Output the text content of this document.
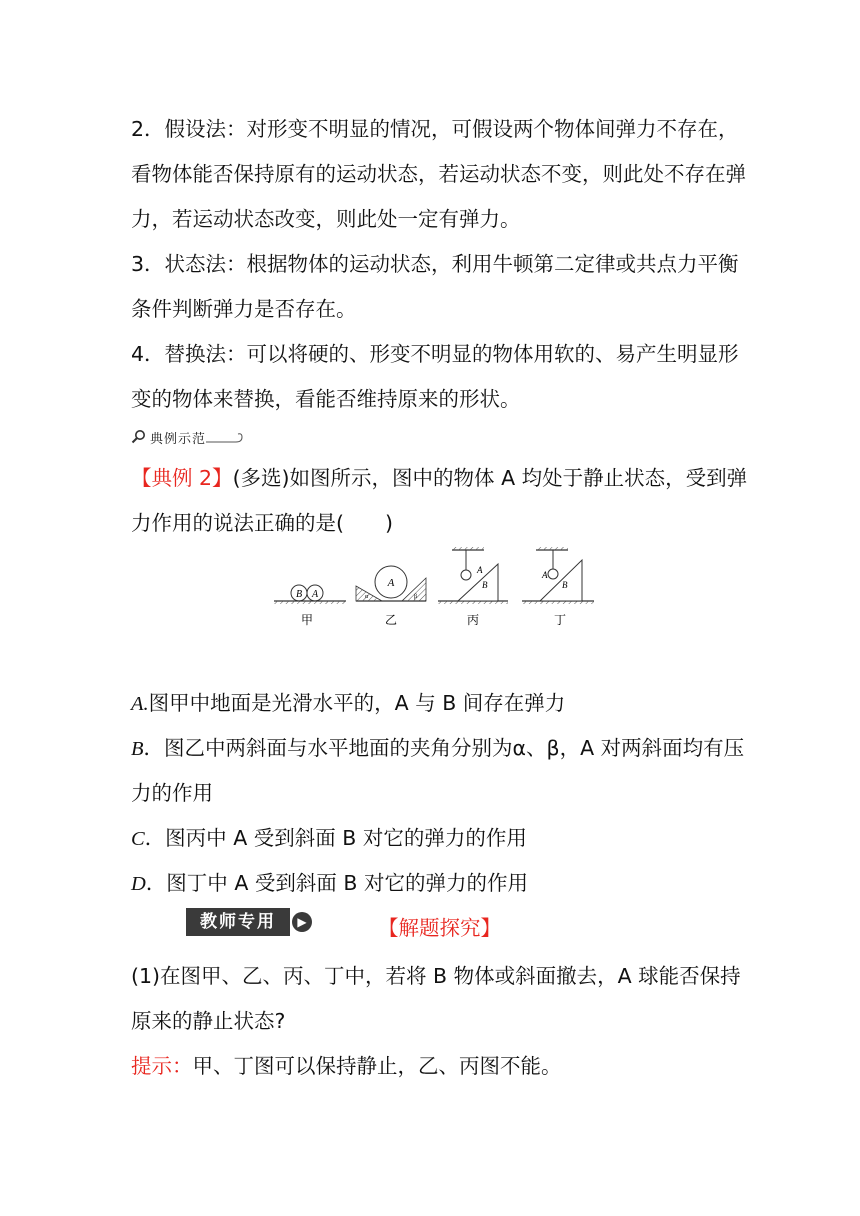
2．假设法：对形变不明显的情况，可假设两个物体间弹力不存在，
看物体能否保持原有的运动状态，若运动状态不变，则此处不存在弹
力，若运动状态改变，则此处一定有弹力。
3．状态法：根据物体的运动状态，利用牛顿第二定律或共点力平衡
条件判断弹力是否存在。
4．替换法：可以将硬的、形变不明显的物体用软的、易产生明显形
变的物体来替换，看能否维持原来的形状。
典例示范
【典例 2】(多选)如图所示，图中的物体 A 均处于静止状态，受到弹
力作用的说法正确的是(　　)
B A
甲
A
α	β
乙
A
B
丙
A
B
丁
A.图甲中地面是光滑水平的，A 与 B 间存在弹力
B．图乙中两斜面与水平地面的夹角分别为α、β，A 对两斜面均有压
力的作用
C．图丙中 A 受到斜面 B 对它的弹力的作用
D．图丁中 A 受到斜面 B 对它的弹力的作用
教师专用	▶	【解题探究】
(1)在图甲、乙、丙、丁中，若将 B 物体或斜面撤去，A 球能否保持
原来的静止状态?
提示：甲、丁图可以保持静止，乙、丙图不能。
